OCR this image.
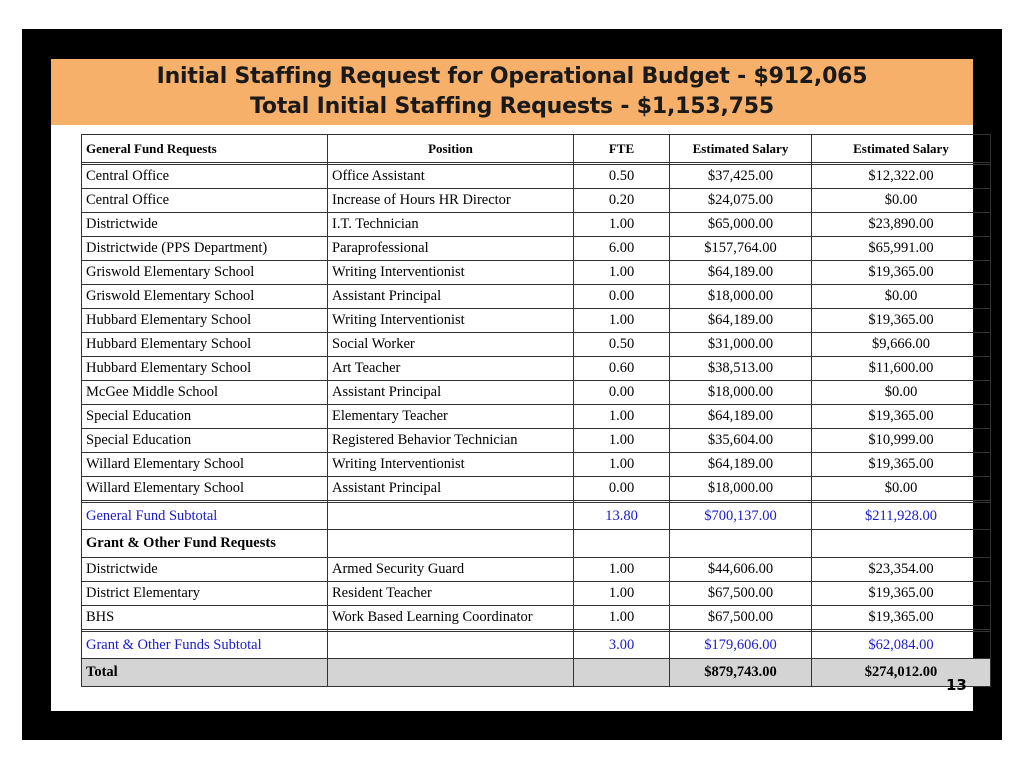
Initial Staffing Request for Operational Budget - $912,065
Total Initial Staffing Requests - $1,153,755
General Fund Requests	Position	FTE	Estimated Salary	Estimated Salary

Central Office	Office Assistant	0.50	$37,425.00	$12,322.00
Central Office	Increase of Hours HR Director	0.20	$24,075.00	$0.00
Districtwide	I.T. Technician	1.00	$65,000.00	$23,890.00
Districtwide (PPS Department)	Paraprofessional	6.00	$157,764.00	$65,991.00
Griswold Elementary School	Writing Interventionist	1.00	$64,189.00	$19,365.00
Griswold Elementary School	Assistant Principal	0.00	$18,000.00	$0.00
Hubbard Elementary School	Writing Interventionist	1.00	$64,189.00	$19,365.00
Hubbard Elementary School	Social Worker	0.50	$31,000.00	$9,666.00
Hubbard Elementary School	Art Teacher	0.60	$38,513.00	$11,600.00
McGee Middle School	Assistant Principal	0.00	$18,000.00	$0.00
Special Education	Elementary Teacher	1.00	$64,189.00	$19,365.00
Special Education	Registered Behavior Technician	1.00	$35,604.00	$10,999.00
Willard Elementary School	Writing Interventionist	1.00	$64,189.00	$19,365.00
Willard Elementary School	Assistant Principal	0.00	$18,000.00	$0.00

General Fund Subtotal		13.80	$700,137.00	$211,928.00
Grant & Other Fund Requests				
Districtwide	Armed Security Guard	1.00	$44,606.00	$23,354.00
District Elementary	Resident Teacher	1.00	$67,500.00	$19,365.00
BHS	Work Based Learning Coordinator	1.00	$67,500.00	$19,365.00

Grant & Other Funds Subtotal		3.00	$179,606.00	$62,084.00
Total			$879,743.00	$274,012.00
13
